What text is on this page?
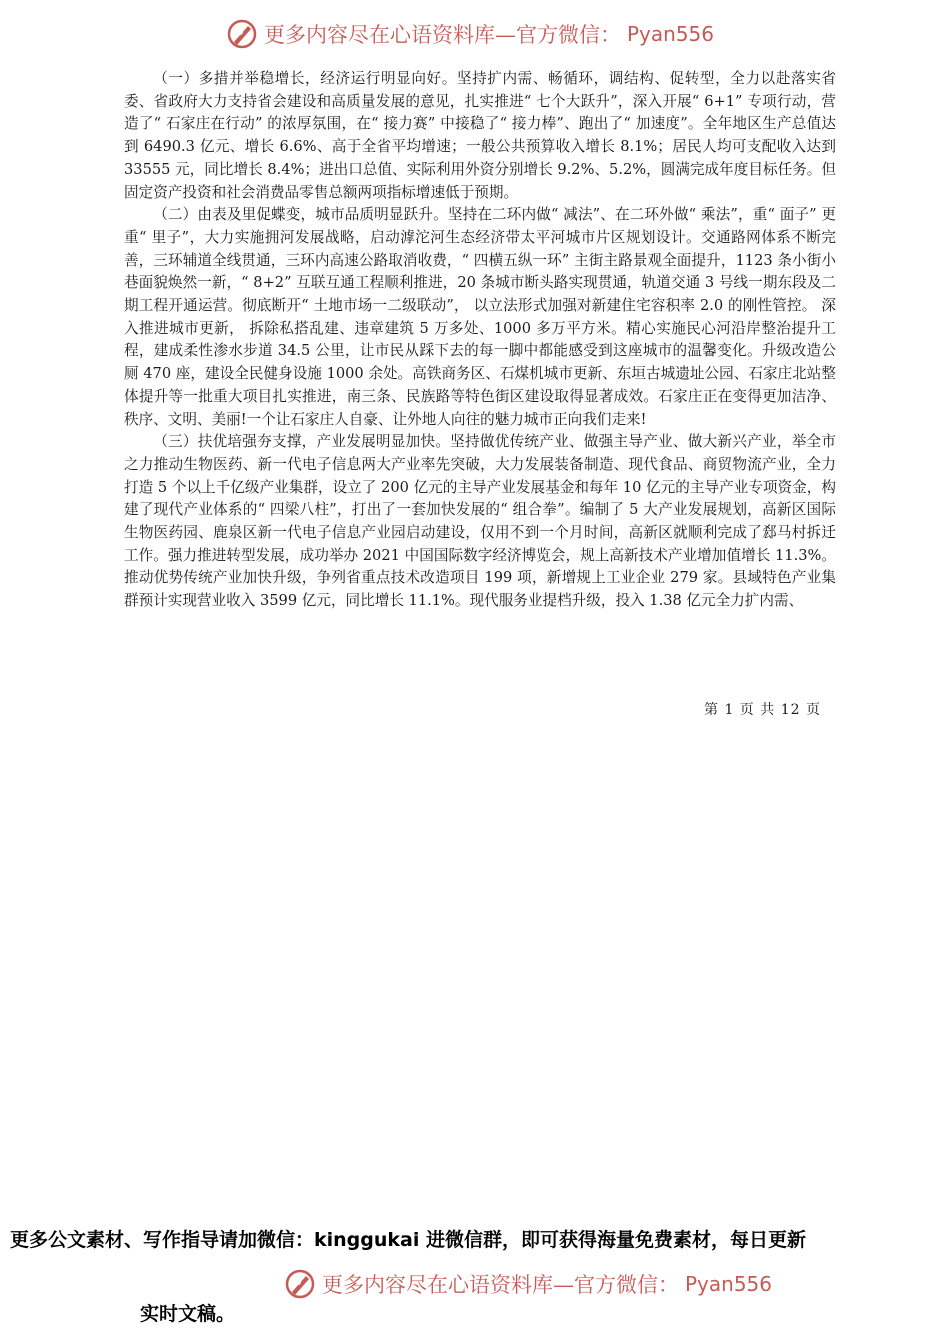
更多内容尽在心语资料库—官方微信： Pyan556

（一）多措并举稳增长，经济运行明显向好。坚持扩内需、畅循环，调结构、促转型，全力以赴落实省委、省政府大力支持省会建设和高质量发展的意见，扎实推进“ 七个大跃升”，深入开展“ 6+1” 专项行动，营造了“ 石家庄在行动” 的浓厚氛围，在“ 接力赛” 中接稳了“ 接力棒”、跑出了“ 加速度”。全年地区生产总值达到 6490.3 亿元、增长 6.6%、高于全省平均增速；一般公共预算收入增长 8.1%；居民人均可支配收入达到 33555 元，同比增长 8.4%；进出口总值、实际利用外资分别增长 9.2%、5.2%，圆满完成年度目标任务。但固定资产投资和社会消费品零售总额两项指标增速低于预期。

（二）由表及里促蝶变，城市品质明显跃升。坚持在二环内做“ 减法”、在二环外做“ 乘法”，重“ 面子” 更重“ 里子”，大力实施拥河发展战略，启动滹沱河生态经济带太平河城市片区规划设计。交通路网体系不断完善，三环辅道全线贯通，三环内高速公路取消收费，“ 四横五纵一环” 主街主路景观全面提升，1123 条小街小巷面貌焕然一新，“ 8+2” 互联互通工程顺利推进，20 条城市断头路实现贯通，轨道交通 3 号线一期东段及二期工程开通运营。彻底断开“ 土地市场一二级联动”， 以立法形式加强对新建住宅容积率 2.0 的刚性管控。 深入推进城市更新， 拆除私搭乱建、违章建筑 5 万多处、1000 多万平方米。精心实施民心河沿岸整治提升工程，建成柔性渗水步道 34.5 公里，让市民从踩下去的每一脚中都能感受到这座城市的温馨变化。升级改造公厕 470 座，建设全民健身设施 1000 余处。高铁商务区、石煤机城市更新、东垣古城遗址公园、石家庄北站整体提升等一批重大项目扎实推进，南三条、民族路等特色街区建设取得显著成效。石家庄正在变得更加洁净、秩序、文明、美丽!一个让石家庄人自豪、让外地人向往的魅力城市正向我们走来!

（三）扶优培强夯支撑，产业发展明显加快。坚持做优传统产业、做强主导产业、做大新兴产业，举全市之力推动生物医药、新一代电子信息两大产业率先突破，大力发展装备制造、现代食品、商贸物流产业，全力打造 5 个以上千亿级产业集群，设立了 200 亿元的主导产业发展基金和每年 10 亿元的主导产业专项资金，构建了现代产业体系的“ 四梁八柱”，打出了一套加快发展的“ 组合拳”。编制了 5 大产业发展规划，高新区国际生物医药园、鹿泉区新一代电子信息产业园启动建设，仅用不到一个月时间，高新区就顺利完成了郄马村拆迁工作。强力推进转型发展，成功举办 2021 中国国际数字经济博览会，规上高新技术产业增加值增长 11.3%。推动优势传统产业加快升级，争列省重点技术改造项目 199 项，新增规上工业企业 279 家。县域特色产业集群预计实现营业收入 3599 亿元，同比增长 11.1%。现代服务业提档升级，投入 1.38 亿元全力扩内需、

第 1 页 共 12 页
更多公文素材、写作指导请加微信：kinggukai 进微信群，即可获得海量免费素材，每日更新
更多内容尽在心语资料库—官方微信： Pyan556
实时文稿。
